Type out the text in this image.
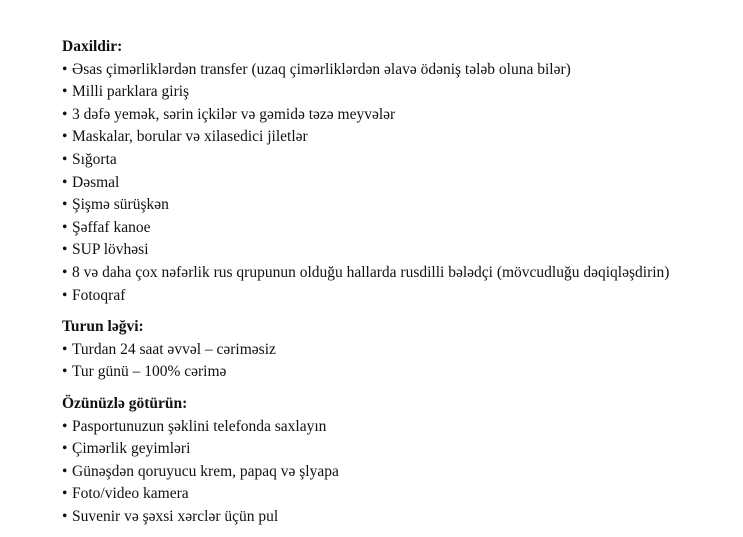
Daxildir:
• Əsas çimərliklərdən transfer (uzaq çimərliklərdən əlavə ödəniş tələb oluna bilər)
• Milli parklara giriş
• 3 dəfə yemək, sərin içkilər və gəmidə təzə meyvələr
• Maskalar, borular və xilasedici jiletlər
• Sığorta
• Dəsmal
• Şişmə sürüşkən
• Şəffaf kanoe
• SUP lövhəsi
• 8 və daha çox nəfərlik rus qrupunun olduğu hallarda rusdilli bələdçi (mövcudluğu dəqiqləşdirin)
• Fotoqraf
Turun ləğvi:
• Turdan 24 saat əvvəl – cərimәsiz
• Tur günü – 100% cərimə
Özünüzlə götürün:
• Pasportunuzun şəklini telefonda saxlayın
• Çimərlik geyimləri
• Günəşdən qoruyucu krem, papaq və şlyapa
• Foto/video kamera
• Suvenir və şəxsi xərclər üçün pul
